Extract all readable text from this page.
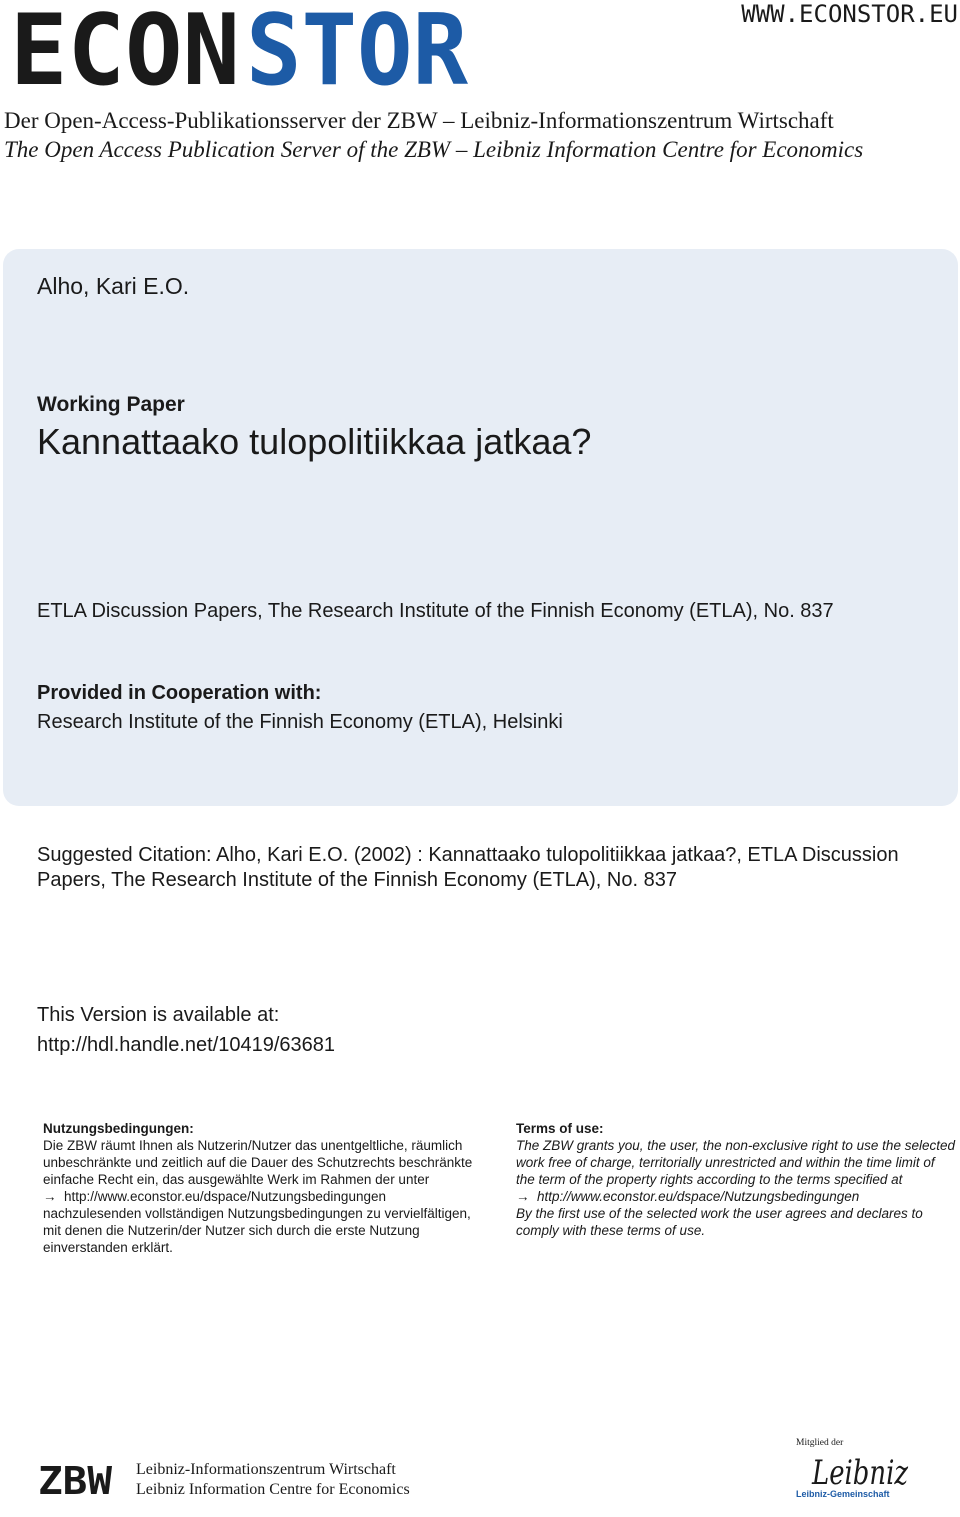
ECON STOR	WWW.ECONSTOR.EU
Der Open-Access-Publikationsserver der ZBW – Leibniz-Informationszentrum Wirtschaft
The Open Access Publication Server of the ZBW – Leibniz Information Centre for Economics
Alho, Kari E.O.
Working Paper
Kannattaako tulopolitiikkaa jatkaa?
ETLA Discussion Papers, The Research Institute of the Finnish Economy (ETLA), No. 837
Provided in Cooperation with:
Research Institute of the Finnish Economy (ETLA), Helsinki
Suggested Citation: Alho, Kari E.O. (2002) : Kannattaako tulopolitiikkaa jatkaa?, ETLA Discussion Papers, The Research Institute of the Finnish Economy (ETLA), No. 837
This Version is available at:
http://hdl.handle.net/10419/63681
Nutzungsbedingungen:

Die ZBW räumt Ihnen als Nutzerin/Nutzer das unentgeltliche, räumlich unbeschränkte und zeitlich auf die Dauer des Schutzrechts beschränkte einfache Recht ein, das ausgewählte Werk im Rahmen der unter
→ http://www.econstor.eu/dspace/Nutzungsbedingungen
nachzulesenden vollständigen Nutzungsbedingungen zu vervielfältigen, mit denen die Nutzerin/der Nutzer sich durch die erste Nutzung einverstanden erklärt.

Terms of use:

The ZBW grants you, the user, the non-exclusive right to use the selected work free of charge, territorially unrestricted and within the time limit of the term of the property rights according to the terms specified at
→ http://www.econstor.eu/dspace/Nutzungsbedingungen
By the first use of the selected work the user agrees and declares to comply with these terms of use.

ZBW Leibniz-Informationszentrum Wirtschaft
Leibniz Information Centre for Economics
Mitglied der
Leibniz
Leibniz-Gemeinschaft
